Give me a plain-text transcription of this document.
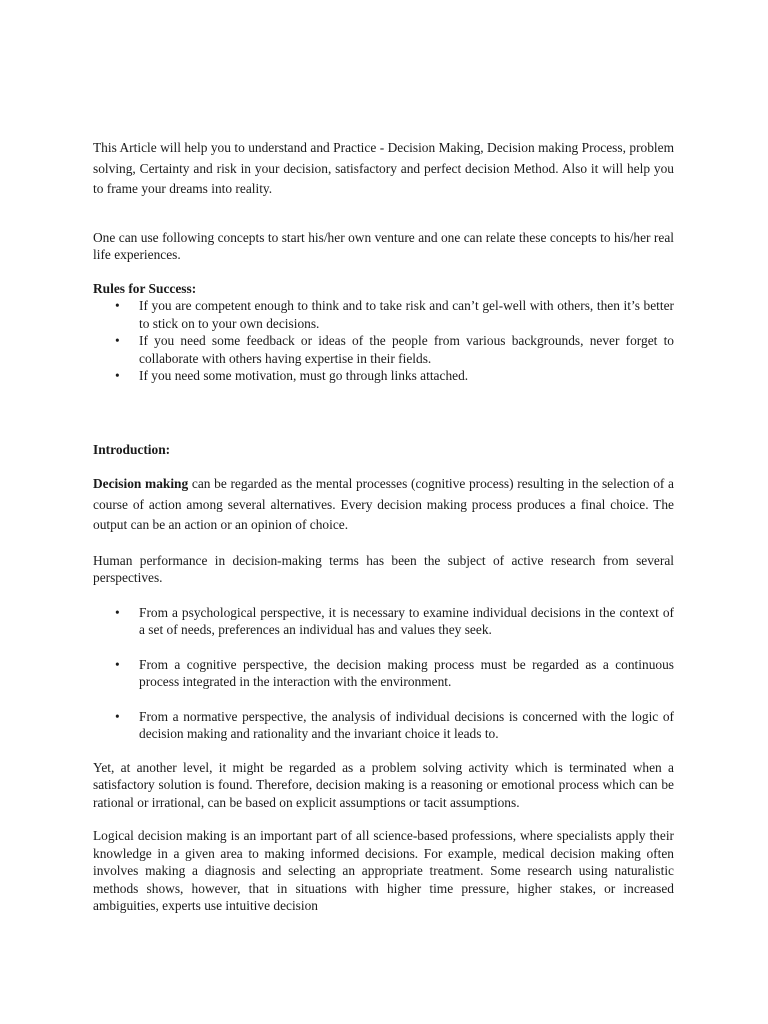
This Article will help you to understand and Practice - Decision Making, Decision making Process, problem solving, Certainty and risk in your decision, satisfactory and perfect decision Method. Also it will help you to frame your dreams into reality.

One can use following concepts to start his/her own venture and one can relate these concepts to his/her real life experiences.

Rules for Success:

• If you are competent enough to think and to take risk and can’t gel-well with others, then it’s better to stick on to your own decisions.
• If you need some feedback or ideas of the people from various backgrounds, never forget to collaborate with others having expertise in their fields.
• If you need some motivation, must go through links attached.

Introduction:

Decision making can be regarded as the mental processes (cognitive process) resulting in the selection of a course of action among several alternatives. Every decision making process produces a final choice. The output can be an action or an opinion of choice.

Human performance in decision-making terms has been the subject of active research from several perspectives.

• From a psychological perspective, it is necessary to examine individual decisions in the context of a set of needs, preferences an individual has and values they seek.
• From a cognitive perspective, the decision making process must be regarded as a continuous process integrated in the interaction with the environment.
• From a normative perspective, the analysis of individual decisions is concerned with the logic of decision making and rationality and the invariant choice it leads to.

Yet, at another level, it might be regarded as a problem solving activity which is terminated when a satisfactory solution is found. Therefore, decision making is a reasoning or emotional process which can be rational or irrational, can be based on explicit assumptions or tacit assumptions.

Logical decision making is an important part of all science-based professions, where specialists apply their knowledge in a given area to making informed decisions. For example, medical decision making often involves making a diagnosis and selecting an appropriate treatment. Some research using naturalistic methods shows, however, that in situations with higher time pressure, higher stakes, or increased ambiguities, experts use intuitive decision
